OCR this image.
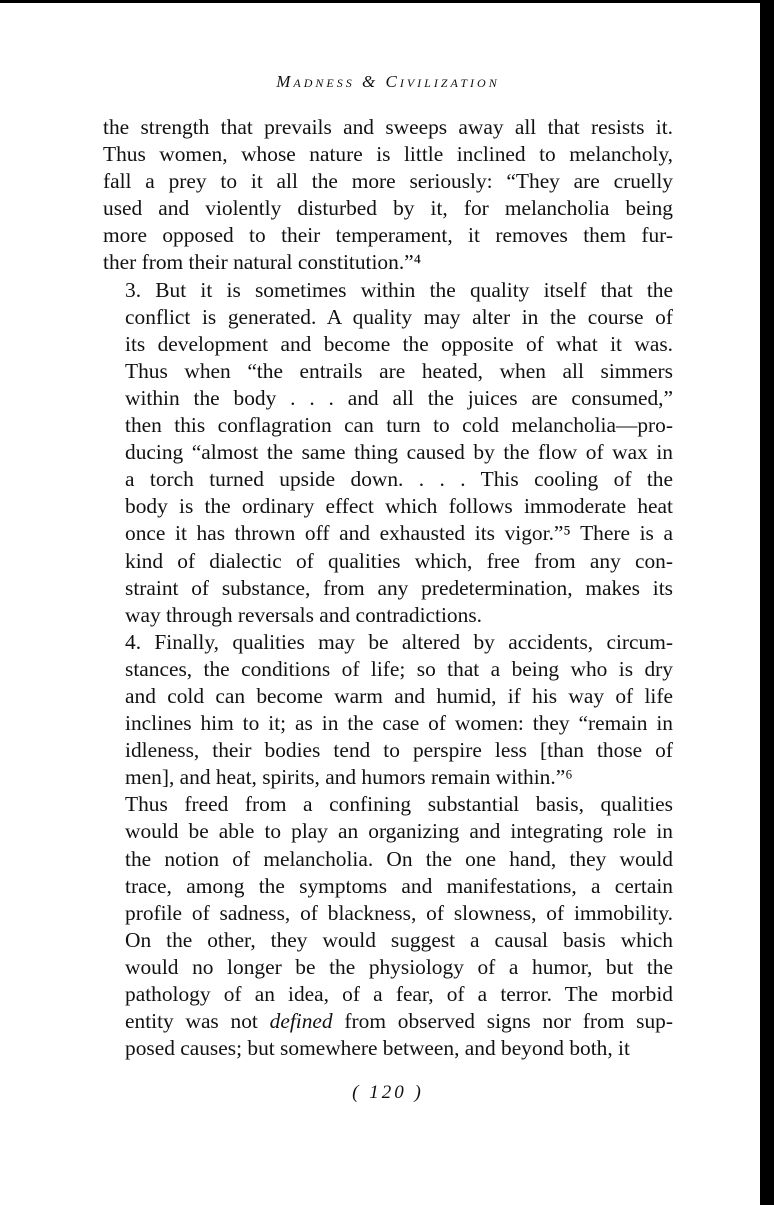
Madness & Civilization

the strength that prevails and sweeps away all that resists it.
Thus women, whose nature is little inclined to melancholy,
fall a prey to it all the more seriously: “They are cruelly
used and violently disturbed by it, for melancholia being
more opposed to their temperament, it removes them fur-
ther from their natural constitution.”⁴

3. But it is sometimes within the quality itself that the
conflict is generated. A quality may alter in the course of
its development and become the opposite of what it was.
Thus when “the entrails are heated, when all simmers
within the body . . . and all the juices are consumed,”
then this conflagration can turn to cold melancholia—pro-
ducing “almost the same thing caused by the flow of wax in
a torch turned upside down. . . . This cooling of the
body is the ordinary effect which follows immoderate heat
once it has thrown off and exhausted its vigor.”⁵ There is a
kind of dialectic of qualities which, free from any con-
straint of substance, from any predetermination, makes its
way through reversals and contradictions.

4. Finally, qualities may be altered by accidents, circum-
stances, the conditions of life; so that a being who is dry
and cold can become warm and humid, if his way of life
inclines him to it; as in the case of women: they “remain in
idleness, their bodies tend to perspire less [than those of
men], and heat, spirits, and humors remain within.”⁶

Thus freed from a confining substantial basis, qualities
would be able to play an organizing and integrating role in
the notion of melancholia. On the one hand, they would
trace, among the symptoms and manifestations, a certain
profile of sadness, of blackness, of slowness, of immobility.
On the other, they would suggest a causal basis which
would no longer be the physiology of a humor, but the
pathology of an idea, of a fear, of a terror. The morbid
entity was not defined from observed signs nor from sup-
posed causes; but somewhere between, and beyond both, it

( 120 )
